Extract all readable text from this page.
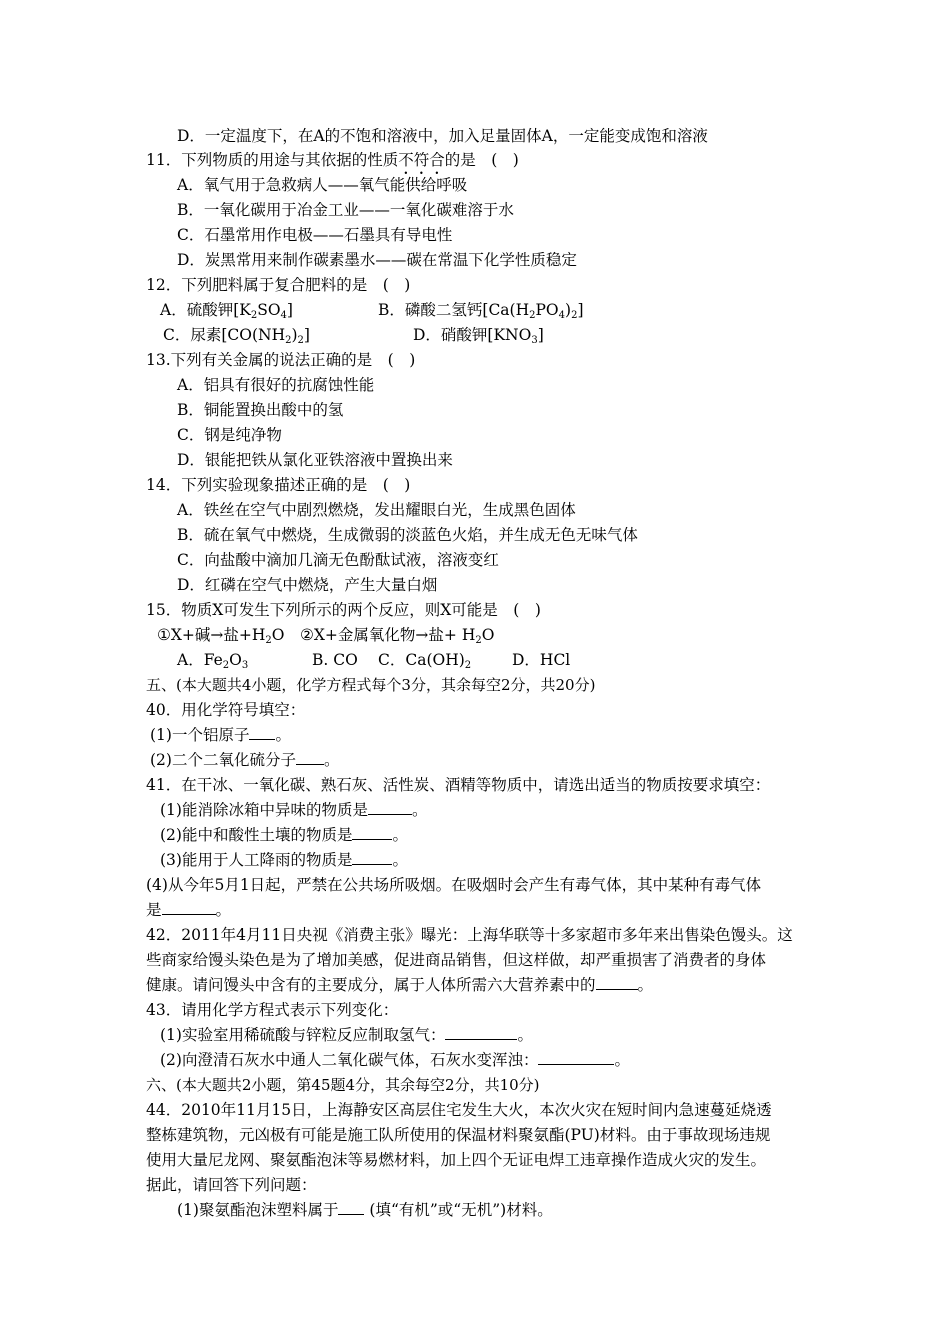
D．一定温度下，在A的不饱和溶液中，加入足量固体A，一定能变成饱和溶液
11．下列物质的用途与其依据的性质不符合的是　(　)
A．氧气用于急救病人——氧气能供给呼吸
B．一氧化碳用于冶金工业——一氧化碳难溶于水
C．石墨常用作电极——石墨具有导电性
D．炭黑常用来制作碳素墨水——碳在常温下化学性质稳定
12．下列肥料属于复合肥料的是　(　)
A．硫酸钾$[K_2SO_4]$	B．磷酸二氢钙$[Ca(H_2PO_4)_2]$
C．尿素$[CO(NH_2)_2]$	D．硝酸钾$[KNO_3]$
13.下列有关金属的说法正确的是　(　)
A．铝具有很好的抗腐蚀性能
B．铜能置换出酸中的氢
C．钢是纯净物
D．银能把铁从氯化亚铁溶液中置换出来
14．下列实验现象描述正确的是　(　)
A．铁丝在空气中剧烈燃烧，发出耀眼白光，生成黑色固体
B．硫在氧气中燃烧，生成微弱的淡蓝色火焰，并生成无色无味气体
C．向盐酸中滴加几滴无色酚酞试液，溶液变红
D．红磷在空气中燃烧，产生大量白烟
15．物质X可发生下列所示的两个反应，则X可能是　(　)
①X+碱→盐$+H_2O$ ②X+金属氧化物→盐+ $H_2O$
A．$Fe_2O_3$	B. CO C．$Ca(OH)_2$	D．HCl
五、(本大题共4小题，化学方程式每个3分，其余每空2分，共20分)
40．用化学符号填空：
(1)一个铝原子 。
(2)二个二氧化硫分子 。
41．在干冰、一氧化碳、熟石灰、活性炭、酒精等物质中，请选出适当的物质按要求填空：
(1)能消除冰箱中异味的物质是	。
(2)能中和酸性土壤的物质是	。
(3)能用于人工降雨的物质是	。
(4)从今年5月1日起，严禁在公共场所吸烟。在吸烟时会产生有毒气体，其中某种有毒气体
是	。
42．2011年4月11日央视《消费主张》曝光：上海华联等十多家超市多年来出售染色馒头。这
些商家给馒头染色是为了增加美感，促进商品销售，但这样做，却严重损害了消费者的身体
健康。请问馒头中含有的主要成分，属于人体所需六大营养素中的	。
43．请用化学方程式表示下列变化：
(1)实验室用稀硫酸与锌粒反应制取氢气：	。
(2)向澄清石灰水中通人二氧化碳气体，石灰水变浑浊：	。
六、(本大题共2小题，第45题4分，其余每空2分，共10分)
44．2010年11月15日，上海静安区高层住宅发生大火，本次火灾在短时间内急速蔓延烧透
整栋建筑物，元凶极有可能是施工队所使用的保温材料聚氨酯(PU)材料。由于事故现场违规
使用大量尼龙网、聚氨酯泡沫等易燃材料，加上四个无证电焊工违章操作造成火灾的发生。
据此，请回答下列问题：
(1)聚氨酯泡沫塑料属于 (填“有机”或“无机”)材料。
